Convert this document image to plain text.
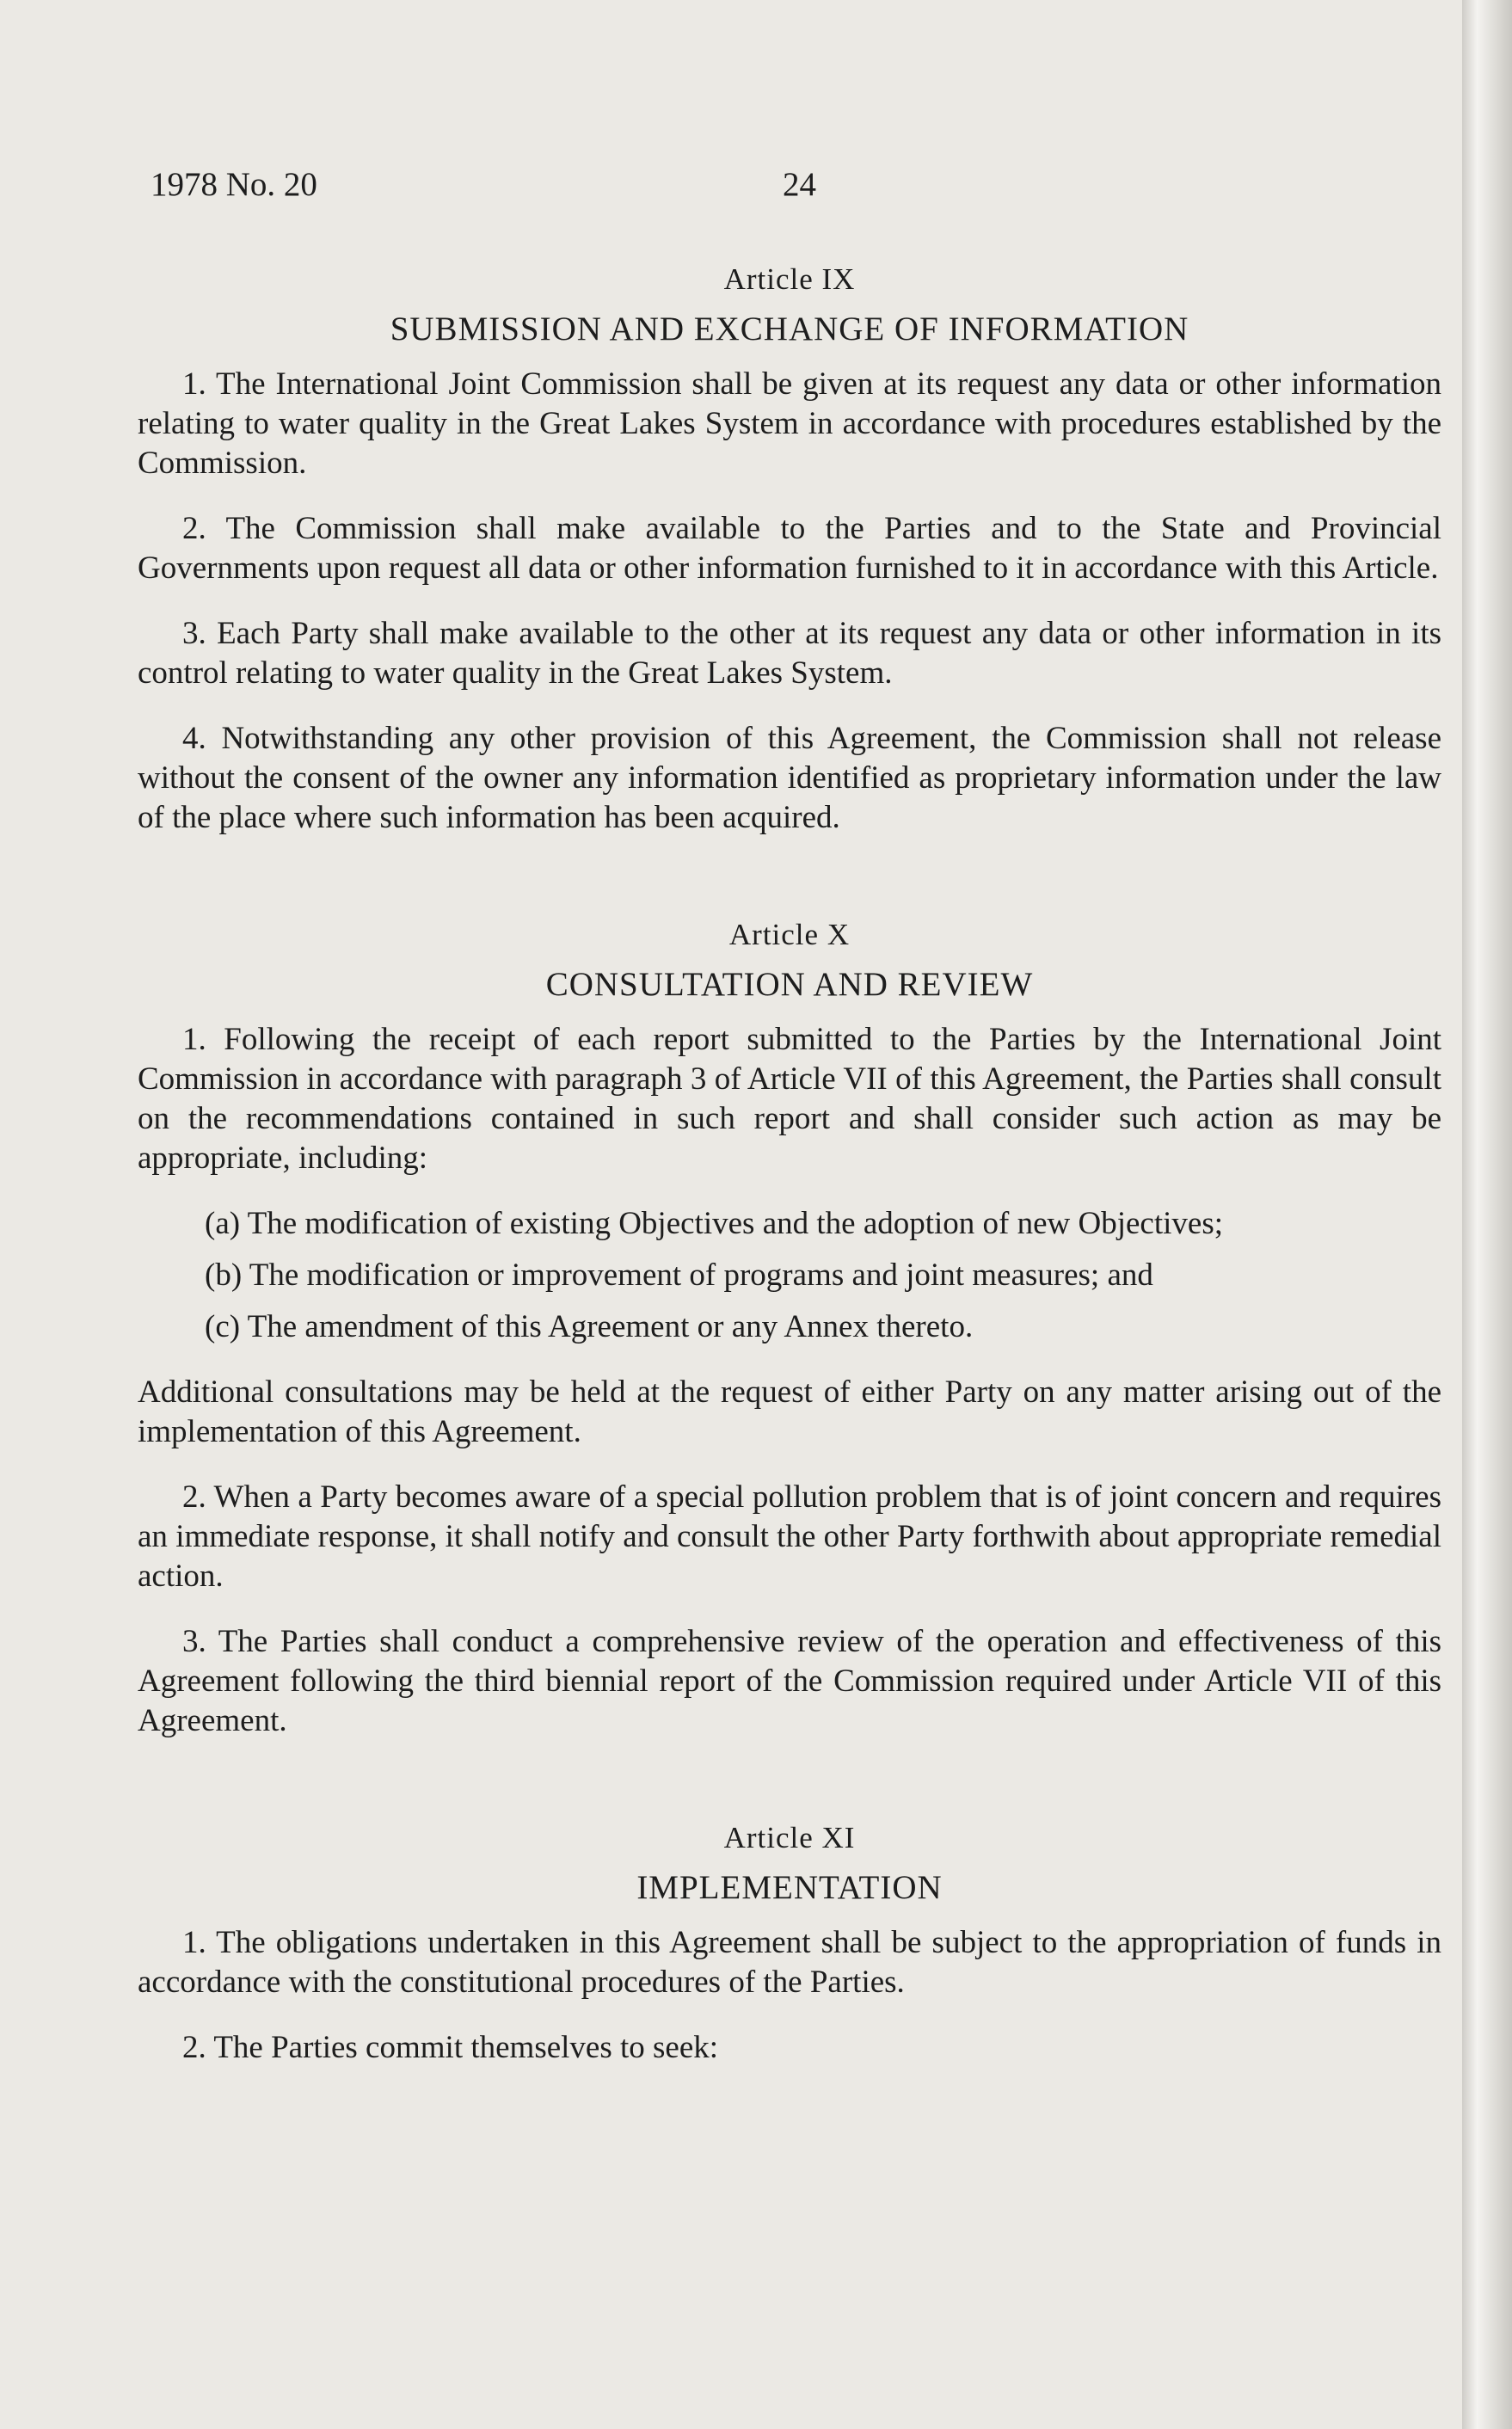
1978 No. 20	24
Article IX
SUBMISSION AND EXCHANGE OF INFORMATION

1. The International Joint Commission shall be given at its request any data or other information relating to water quality in the Great Lakes System in accordance with procedures established by the Commission.

2. The Commission shall make available to the Parties and to the State and Provincial Governments upon request all data or other information furnished to it in accordance with this Article.

3. Each Party shall make available to the other at its request any data or other information in its control relating to water quality in the Great Lakes System.

4. Notwithstanding any other provision of this Agreement, the Commission shall not release without the consent of the owner any information identified as proprietary information under the law of the place where such information has been acquired.

Article X
CONSULTATION AND REVIEW

1. Following the receipt of each report submitted to the Parties by the International Joint Commission in accordance with paragraph 3 of Article VII of this Agreement, the Parties shall consult on the recommendations contained in such report and shall consider such action as may be appropriate, including:

(a) The modification of existing Objectives and the adoption of new Objectives;

(b) The modification or improvement of programs and joint measures; and

(c) The amendment of this Agreement or any Annex thereto.

Additional consultations may be held at the request of either Party on any matter arising out of the implementation of this Agreement.

2. When a Party becomes aware of a special pollution problem that is of joint concern and requires an immediate response, it shall notify and consult the other Party forthwith about appropriate remedial action.

3. The Parties shall conduct a comprehensive review of the operation and effectiveness of this Agreement following the third biennial report of the Commission required under Article VII of this Agreement.

Article XI
IMPLEMENTATION

1. The obligations undertaken in this Agreement shall be subject to the appropriation of funds in accordance with the constitutional procedures of the Parties.

2. The Parties commit themselves to seek:
